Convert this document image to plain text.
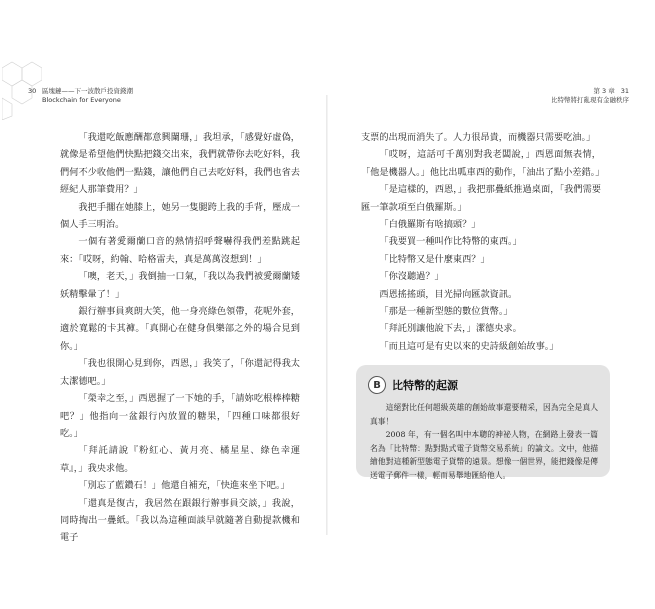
30 區塊鏈——下一波散戶投資錢潮
Blockchain for Everyone
第 3 章 31
比特幣將打亂現有金融秩序

「我還吃飯應酬都意興闌珊，」我坦承，「感覺好虛偽，就像是希望他們快點把錢交出來，我們就帶你去吃好料，我們何不少收他們一點錢，讓他們自己去吃好料，我們也省去經紀人那筆費用？」

我把手擱在她膝上，她另一隻腿跨上我的手背，壓成一個人手三明治。

一個有著愛爾蘭口音的熱情招呼聲嚇得我們差點跳起來：「哎呀，約翰、哈格雷夫，真是萬萬沒想到！」

「噢，老天，」我倒抽一口氣，「我以為我們被愛爾蘭矮妖精擊暈了！」

銀行辦事員爽朗大笑，他一身亮綠色領帶，花呢外套，適於寬鬆的卡其褲。「真開心在健身俱樂部之外的場合見到你。」

「我也很開心見到你，西恩，」我笑了，「你還記得我太太潔德吧。」

「榮幸之至，」西恩握了一下她的手，「請妳吃根棒棒糖吧？」他指向一盆銀行內放置的糖果，「四種口味都很好吃。」

「拜託請說『粉紅心、黃月亮、橘星星、綠色幸運草』，」我央求他。

「別忘了藍鑽石！」他還自補充，「快進來坐下吧。」

「還真是復古，我居然在跟銀行辦事員交談，」我說，同時掏出一疊紙。「我以為這種面談早就隨著自動提款機和電子

支票的出現而消失了。人力很昂貴，而機器只需要吃油。」

「哎呀，這話可千萬別對我老闆說，」西恩面無表情，「他是機器人。」他比出呱車西的動作，「油出了點小差錯。」

「是這樣的，西恩，」我把那疊紙推過桌面，「我們需要匯一筆款項至白俄羅斯。」

「白俄羅斯有啥搞頭？」

「我要買一種叫作比特幣的東西。」

「比特幣又是什麼東西？」

「你沒聽過？」

西恩搖搖頭，目光掃向匯款資訊。

「那是一種新型態的數位貨幣。」

「拜託別讓他說下去，」潔德央求。

「而且這可是有史以來的史詩級創始故事。」

B	比特幣的起源

這絕對比任何超級英雄的創始故事還要精采，因為完全是真人真事！

2008 年，有一個名叫中本聰的神祕人物，在網路上發表一篇名為「比特幣：點對點式電子貨幣交易系統」的論文。文中，他描繪他對這種新型態電子貨幣的遠景。想像一個世界，能把錢像是傳送電子郵件一樣，輕而易舉地匯給他人。
